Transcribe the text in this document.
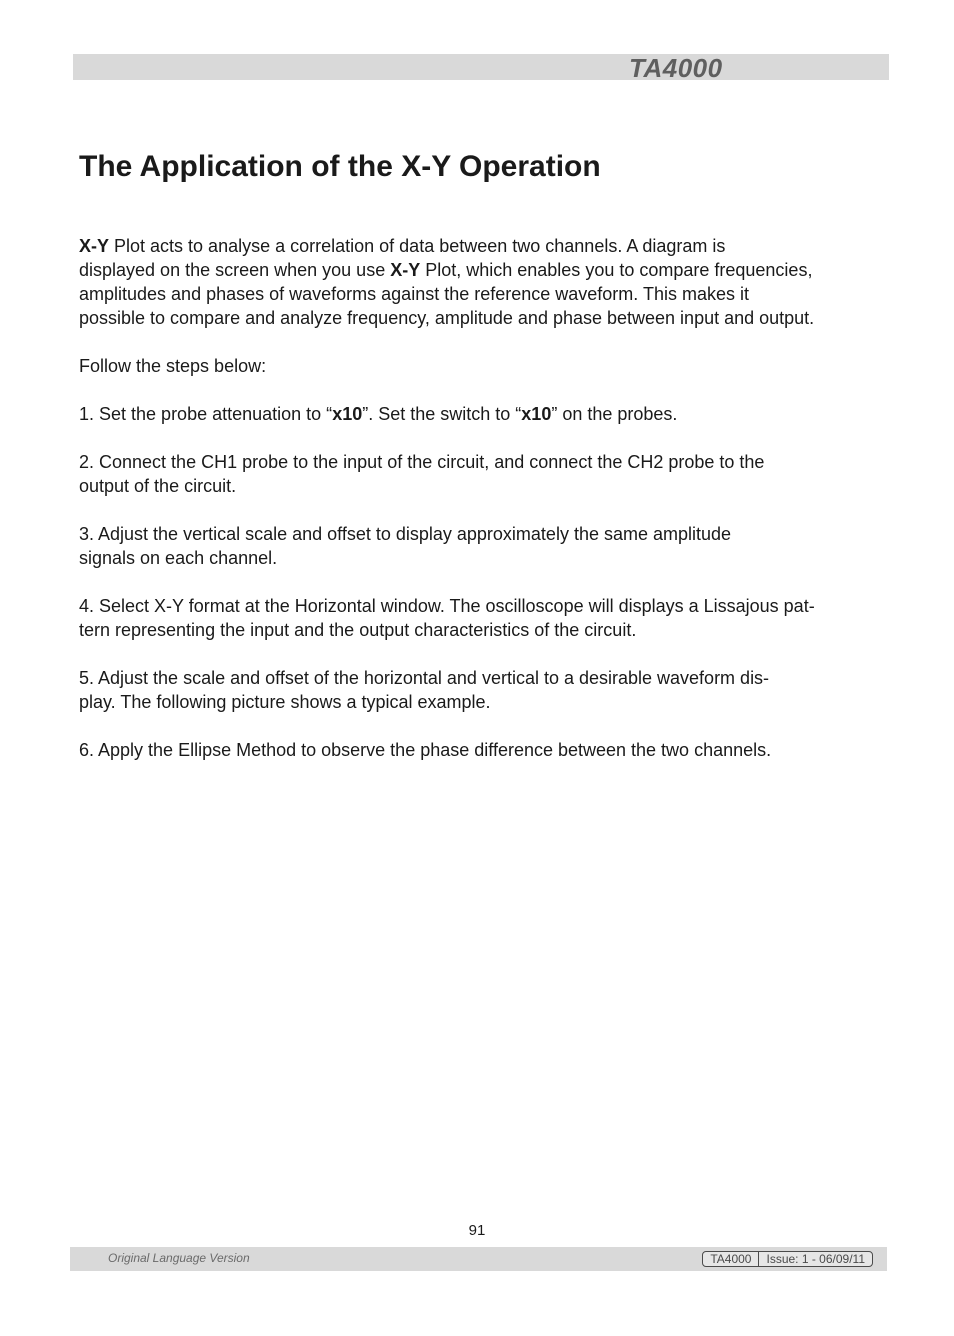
TA4000
The Application of the X-Y Operation

X-Y Plot acts to analyse a correlation of data between two channels. A diagram is
displayed on the screen when you use X-Y Plot, which enables you to compare frequencies,
amplitudes and phases of waveforms against the reference waveform. This makes it
possible to compare and analyze frequency, amplitude and phase between input and output.

Follow the steps below:

1. Set the probe attenuation to “x10”. Set the switch to “x10” on the probes.

2. Connect the CH1 probe to the input of the circuit, and connect the CH2 probe to the
output of the circuit.

3. Adjust the vertical scale and offset to display approximately the same amplitude
signals on each channel.

4. Select X-Y format at the Horizontal window. The oscilloscope will displays a Lissajous pat-
tern representing the input and the output characteristics of the circuit.

5. Adjust the scale and offset of the horizontal and vertical to a desirable waveform dis-
play. The following picture shows a typical example.

6. Apply the Ellipse Method to observe the phase difference between the two channels.

91
Original Language Version	TA4000	Issue: 1 - 06/09/11
